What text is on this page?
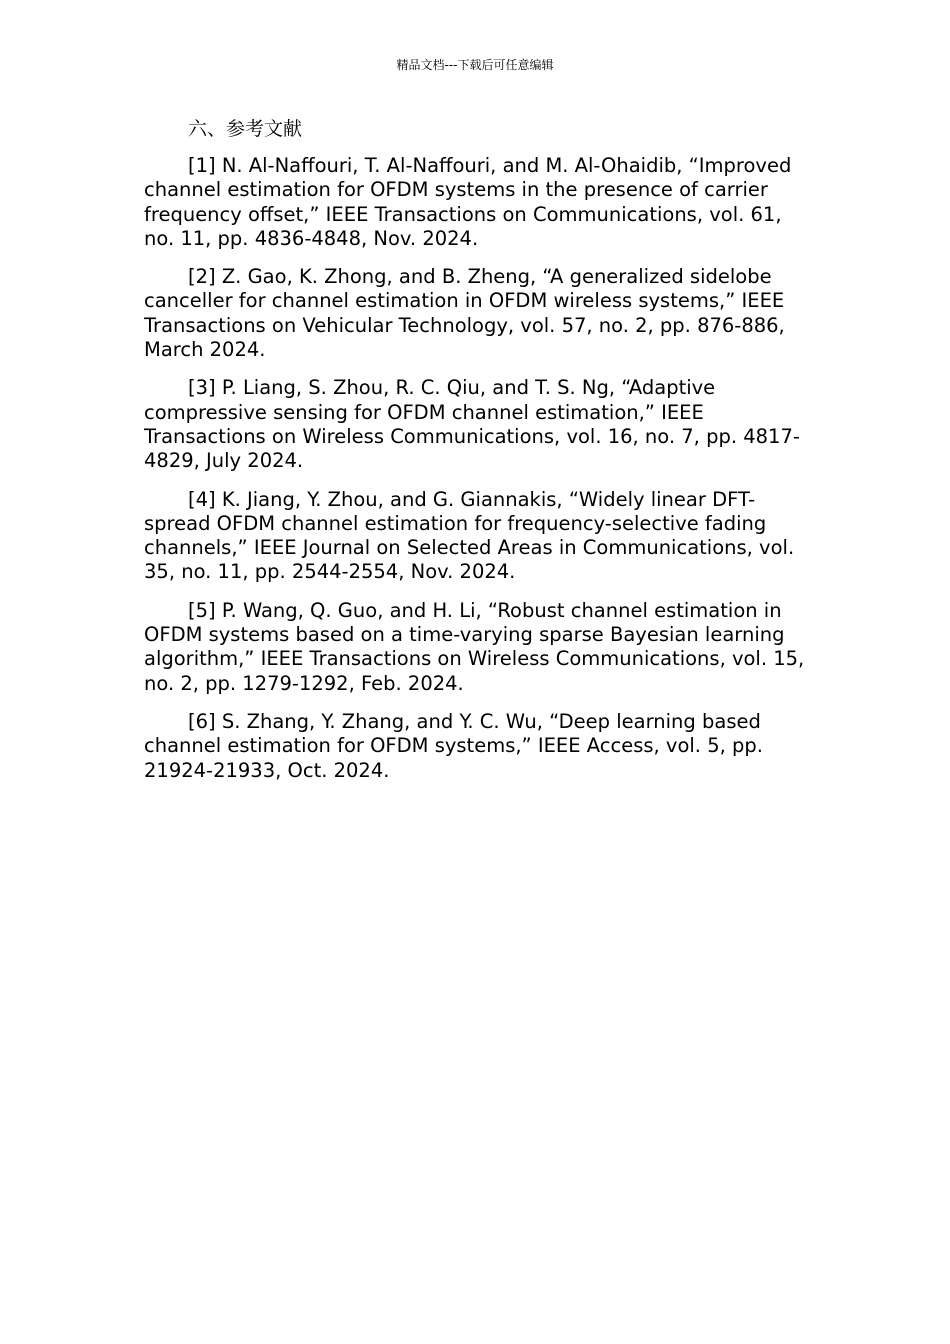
精品文档---下载后可任意编辑
六、参考文献

[1] N. Al-Naffouri, T. Al-Naffouri, and M. Al-Ohaidib, “Improved channel estimation for OFDM systems in the presence of carrier frequency offset,” IEEE Transactions on Communications, vol. 61, no. 11, pp. 4836-4848, Nov. 2024.

[2] Z. Gao, K. Zhong, and B. Zheng, “A generalized sidelobe canceller for channel estimation in OFDM wireless systems,” IEEE Transactions on Vehicular Technology, vol. 57, no. 2, pp. 876-886, March 2024.

[3] P. Liang, S. Zhou, R. C. Qiu, and T. S. Ng, “Adaptive compressive sensing for OFDM channel estimation,” IEEE Transactions on Wireless Communications, vol. 16, no. 7, pp. 4817-4829, July 2024.

[4] K. Jiang, Y. Zhou, and G. Giannakis, “Widely linear DFT-spread OFDM channel estimation for frequency-selective fading channels,” IEEE Journal on Selected Areas in Communications, vol. 35, no. 11, pp. 2544-2554, Nov. 2024.

[5] P. Wang, Q. Guo, and H. Li, “Robust channel estimation in OFDM systems based on a time-varying sparse Bayesian learning algorithm,” IEEE Transactions on Wireless Communications, vol. 15, no. 2, pp. 1279-1292, Feb. 2024.

[6] S. Zhang, Y. Zhang, and Y. C. Wu, “Deep learning based channel estimation for OFDM systems,” IEEE Access, vol. 5, pp. 21924-21933, Oct. 2024.
